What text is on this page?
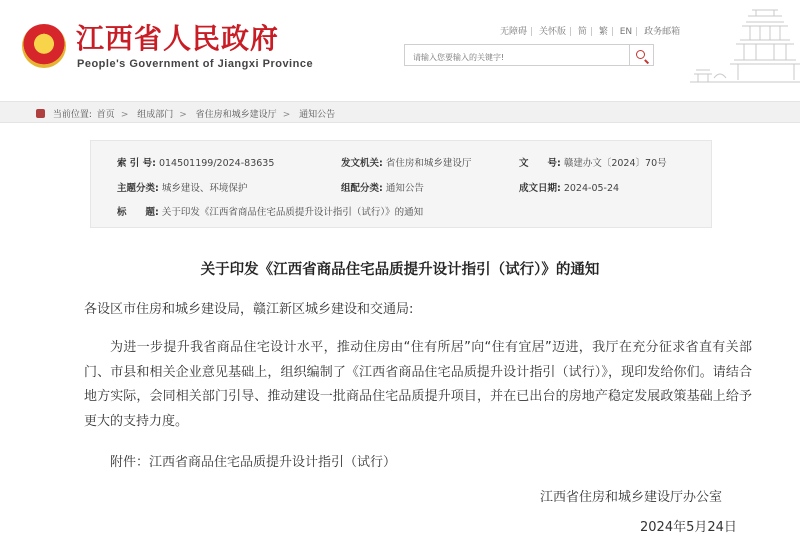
★ 江西省人民政府
People's Government of Jiangxi Province
无障碍 | 关怀版 | 简 | 繁 | EN | 政务邮箱
请输入您要输入的关键字!
当前位置: 首页 > 组成部门 > 省住房和城乡建设厅 > 通知公告
索 引 号: 014501199/2024-83635	发文机关: 省住房和城乡建设厅	文　　号: 赣建办文〔2024〕70号
主题分类: 城乡建设、环境保护	组配分类: 通知公告	成文日期: 2024-05-24
标　　题: 关于印发《江西省商品住宅品质提升设计指引（试行）》的通知
关于印发《江西省商品住宅品质提升设计指引（试行）》的通知
各设区市住房和城乡建设局，赣江新区城乡建设和交通局:
为进一步提升我省商品住宅设计水平，推动住房由“住有所居”向“住有宜居”迈进，我厅在充分征求省直有关部门、市县和相关企业意见基础上，组织编制了《江西省商品住宅品质提升设计指引（试行）》，现印发给你们。请结合地方实际，会同相关部门引导、推动建设一批商品住宅品质提升项目，并在已出台的房地产稳定发展政策基础上给予更大的支持力度。
附件：江西省商品住宅品质提升设计指引（试行）
江西省住房和城乡建设厅办公室
2024年5月24日
